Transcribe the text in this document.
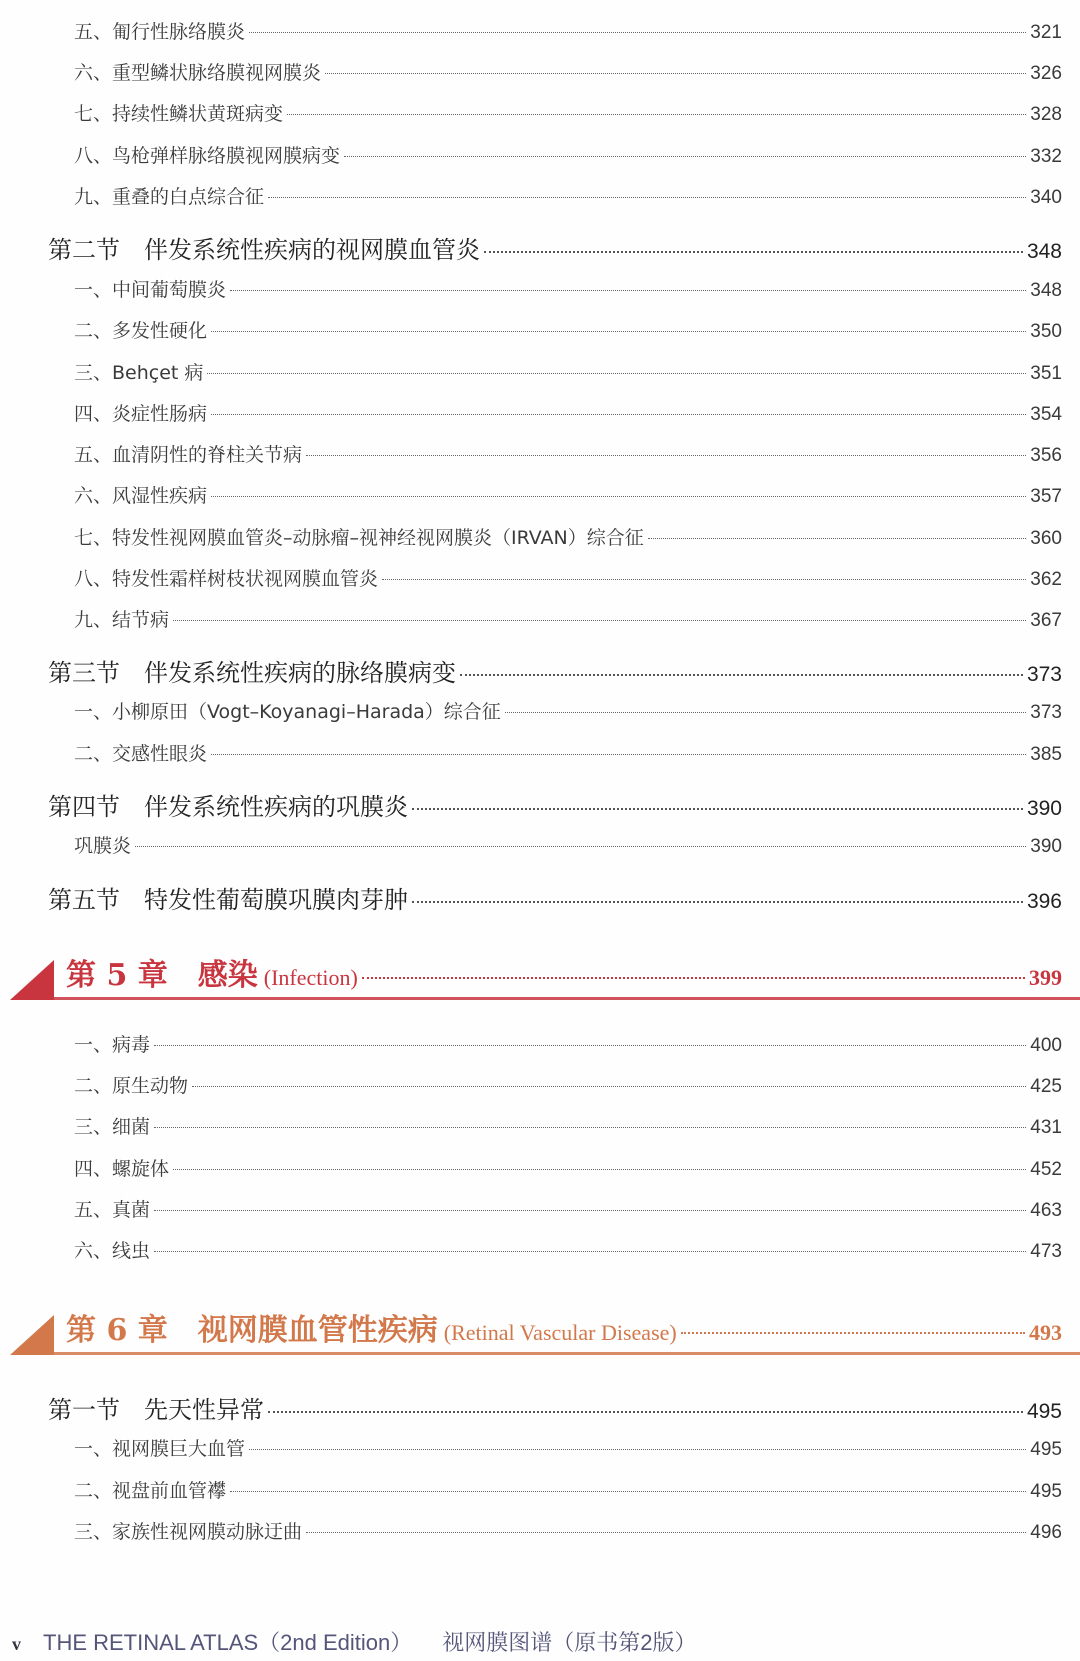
五、匍行性脉络膜炎	321
六、重型鳞状脉络膜视网膜炎	326
七、持续性鳞状黄斑病变	328
八、鸟枪弹样脉络膜视网膜病变	332
九、重叠的白点综合征	340
第二节　伴发系统性疾病的视网膜血管炎	348
一、中间葡萄膜炎	348
二、多发性硬化	350
三、Behçet 病	351
四、炎症性肠病	354
五、血清阴性的脊柱关节病	356
六、风湿性疾病	357
七、特发性视网膜血管炎–动脉瘤–视神经视网膜炎（IRVAN）综合征	360
八、特发性霜样树枝状视网膜血管炎	362
九、结节病	367
第三节　伴发系统性疾病的脉络膜病变	373
一、小柳原田（Vogt–Koyanagi–Harada）综合征	373
二、交感性眼炎	385
第四节　伴发系统性疾病的巩膜炎	390
巩膜炎	390
第五节　特发性葡萄膜巩膜肉芽肿	396
第 5 章 感染 (Infection)	399
一、病毒	400
二、原生动物	425
三、细菌	431
四、螺旋体	452
五、真菌	463
六、线虫	473
第 6 章 视网膜血管性疾病 (Retinal Vascular Disease)	493
第一节　先天性异常	495
一、视网膜巨大血管	495
二、视盘前血管襻	495
三、家族性视网膜动脉迂曲	496
v THE RETINAL ATLAS（2nd Edition） 视网膜图谱（原书第2版）
